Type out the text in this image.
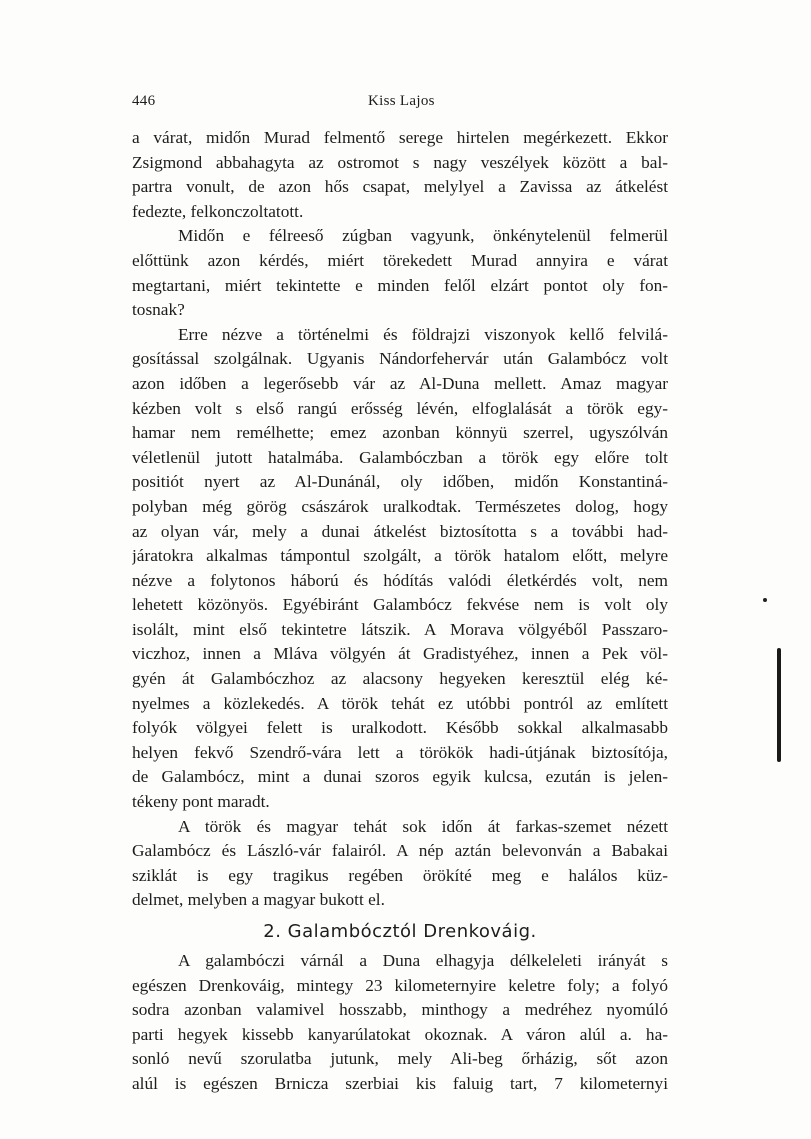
446	Kiss Lajos
a várat, midőn Murad felmentő serege hirtelen megérkezett. Ekkor
Zsigmond abbahagyta az ostromot s nagy veszélyek között a bal-
partra vonult, de azon hős csapat, melylyel a Zavissa az átkelést
fedezte, felkonczoltatott.
Midőn e félreeső zúgban vagyunk, önkénytelenül felmerül
előttünk azon kérdés, miért törekedett Murad annyira e várat
megtartani, miért tekintette e minden felől elzárt pontot oly fon-
tosnak?
Erre nézve a történelmi és földrajzi viszonyok kellő felvilá-
gosítással szolgálnak. Ugyanis Nándorfehervár után Galambócz volt
azon időben a legerősebb vár az Al-Duna mellett. Amaz magyar
kézben volt s első rangú erősség lévén, elfoglalását a török egy-
hamar nem remélhette; emez azonban könnyü szerrel, ugyszólván
véletlenül jutott hatalmába. Galambóczban a török egy előre tolt
positiót nyert az Al-Dunánál, oly időben, midőn Konstantiná-
polyban még görög császárok uralkodtak. Természetes dolog, hogy
az olyan vár, mely a dunai átkelést biztosította s a további had-
járatokra alkalmas támpontul szolgált, a török hatalom előtt, melyre
nézve a folytonos háború és hódítás valódi életkérdés volt, nem
lehetett közönyös. Egyébiránt Galambócz fekvése nem is volt oly
isolált, mint első tekintetre látszik. A Morava völgyéből Passzaro-
viczhoz, innen a Mláva völgyén át Gradistyéhez, innen a Pek völ-
gyén át Galambóczhoz az alacsony hegyeken keresztül elég ké-
nyelmes a közlekedés. A török tehát ez utóbbi pontról az említett
folyók völgyei felett is uralkodott. Később sokkal alkalmasabb
helyen fekvő Szendrő-vára lett a törökök hadi-útjának biztosítója,
de Galambócz, mint a dunai szoros egyik kulcsa, ezután is jelen-
tékeny pont maradt.
A török és magyar tehát sok időn át farkas-szemet nézett
Galambócz és László-vár falairól. A nép aztán belevonván a Babakai
sziklát is egy tragikus regében örökíté meg e halálos küz-
delmet, melyben a magyar bukott el.
2. Galambócztól Drenkováig.
A galambóczi várnál a Duna elhagyja délkeleleti irányát s
egészen Drenkováig, mintegy 23 kilometernyire keletre foly; a folyó
sodra azonban valamivel hosszabb, minthogy a medréhez nyomúló
parti hegyek kissebb kanyarúlatokat okoznak. A váron alúl a. ha-
sonló nevű szorulatba jutunk, mely Ali-beg őrházig, sőt azon
alúl is egészen Brnicza szerbiai kis faluig tart, 7 kilometernyi
